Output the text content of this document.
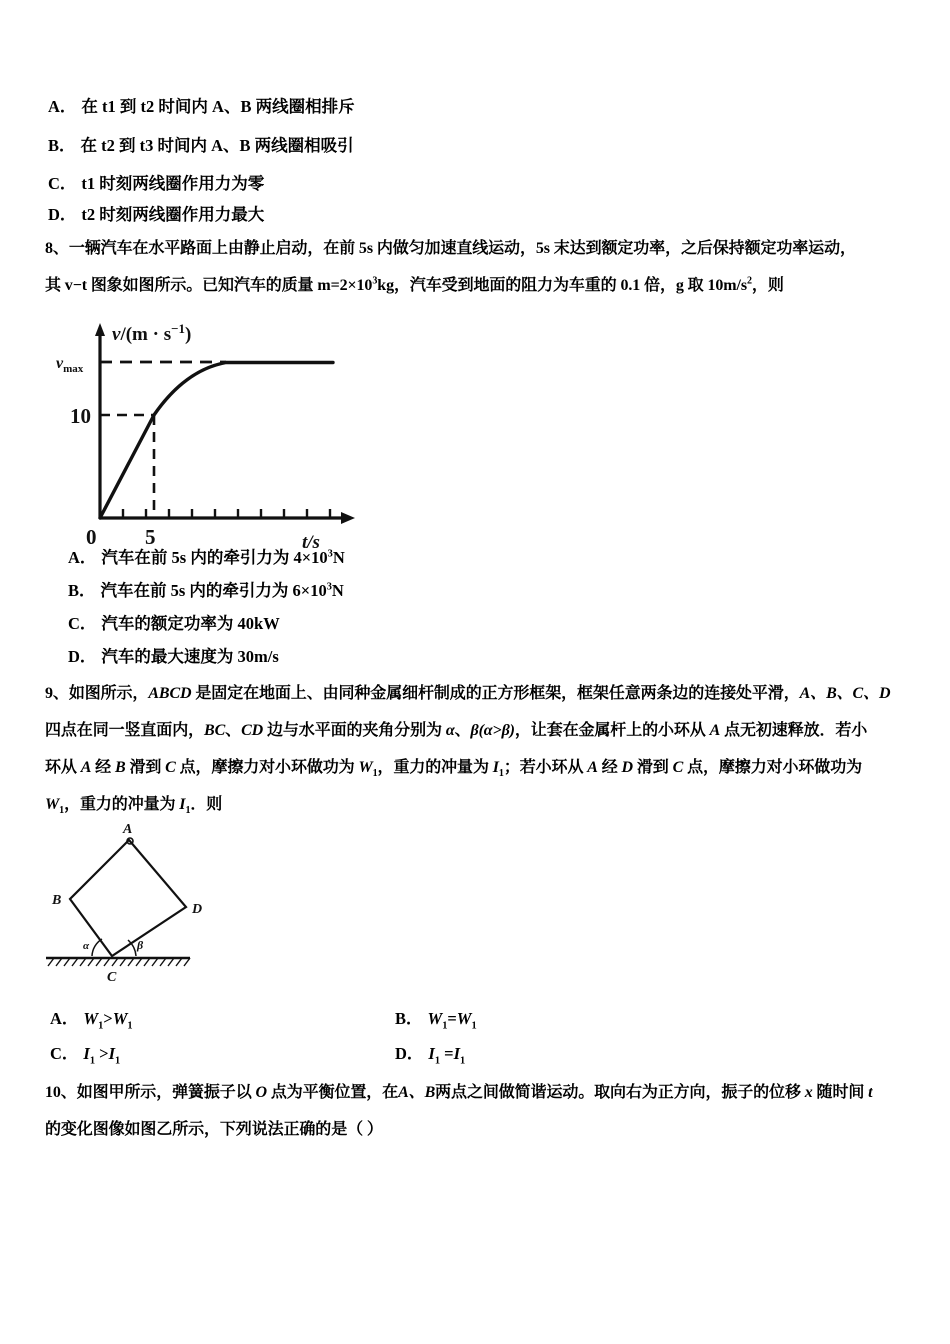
A． 在 t1 到 t2 时间内 A、B 两线圈相排斥
B． 在 t2 到 t3 时间内 A、B 两线圈相吸引
C． t1 时刻两线圈作用力为零
D． t2 时刻两线圈作用力最大
8、一辆汽车在水平路面上由静止启动，在前 5s 内做匀加速直线运动，5s 末达到额定功率，之后保持额定功率运动，
其 v−t 图象如图所示。已知汽车的质量 $m=2\times 10^3kg$，汽车受到地面的阻力为车重的 0.1 倍，g 取 $10m/s^2$，则
$v/(m \cdot s^{-1})$
$v_{max}$
10
0 5	t/s
A． 汽车在前 5s 内的牵引力为 $4\times 10^3N$
B． 汽车在前 5s 内的牵引力为 $6\times 10^3N$
C． 汽车的额定功率为 40kW
D． 汽车的最大速度为 30m/s
9、如图所示，ABCD 是固定在地面上、由同种金属细杆制成的正方形框架，框架任意两条边的连接处平滑，A、B、C、D
四点在同一竖直面内，BC、CD 边与水平面的夹角分别为 α、β(α>β)，让套在金属杆上的小环从 A 点无初速释放．若小
环从 A 经 B 滑到 C 点，摩擦力对小环做功为 $W_1$，重力的冲量为 $I_1$；若小环从 A 经 D 滑到 C 点，摩擦力对小环做功为
$W_1$，重力的冲量为 $I_1$．则
A
B
C
D
α	β
A． $W_1>W_1$	B． $W_1=W_1$
C． $I_1 >I_1$	D． $I_1 =I_1$
10、如图甲所示，弹簧振子以 O 点为平衡位置，在A、B两点之间做简谐运动。取向右为正方向，振子的位移 x 随时间 t
的变化图像如图乙所示，下列说法正确的是（ ）
